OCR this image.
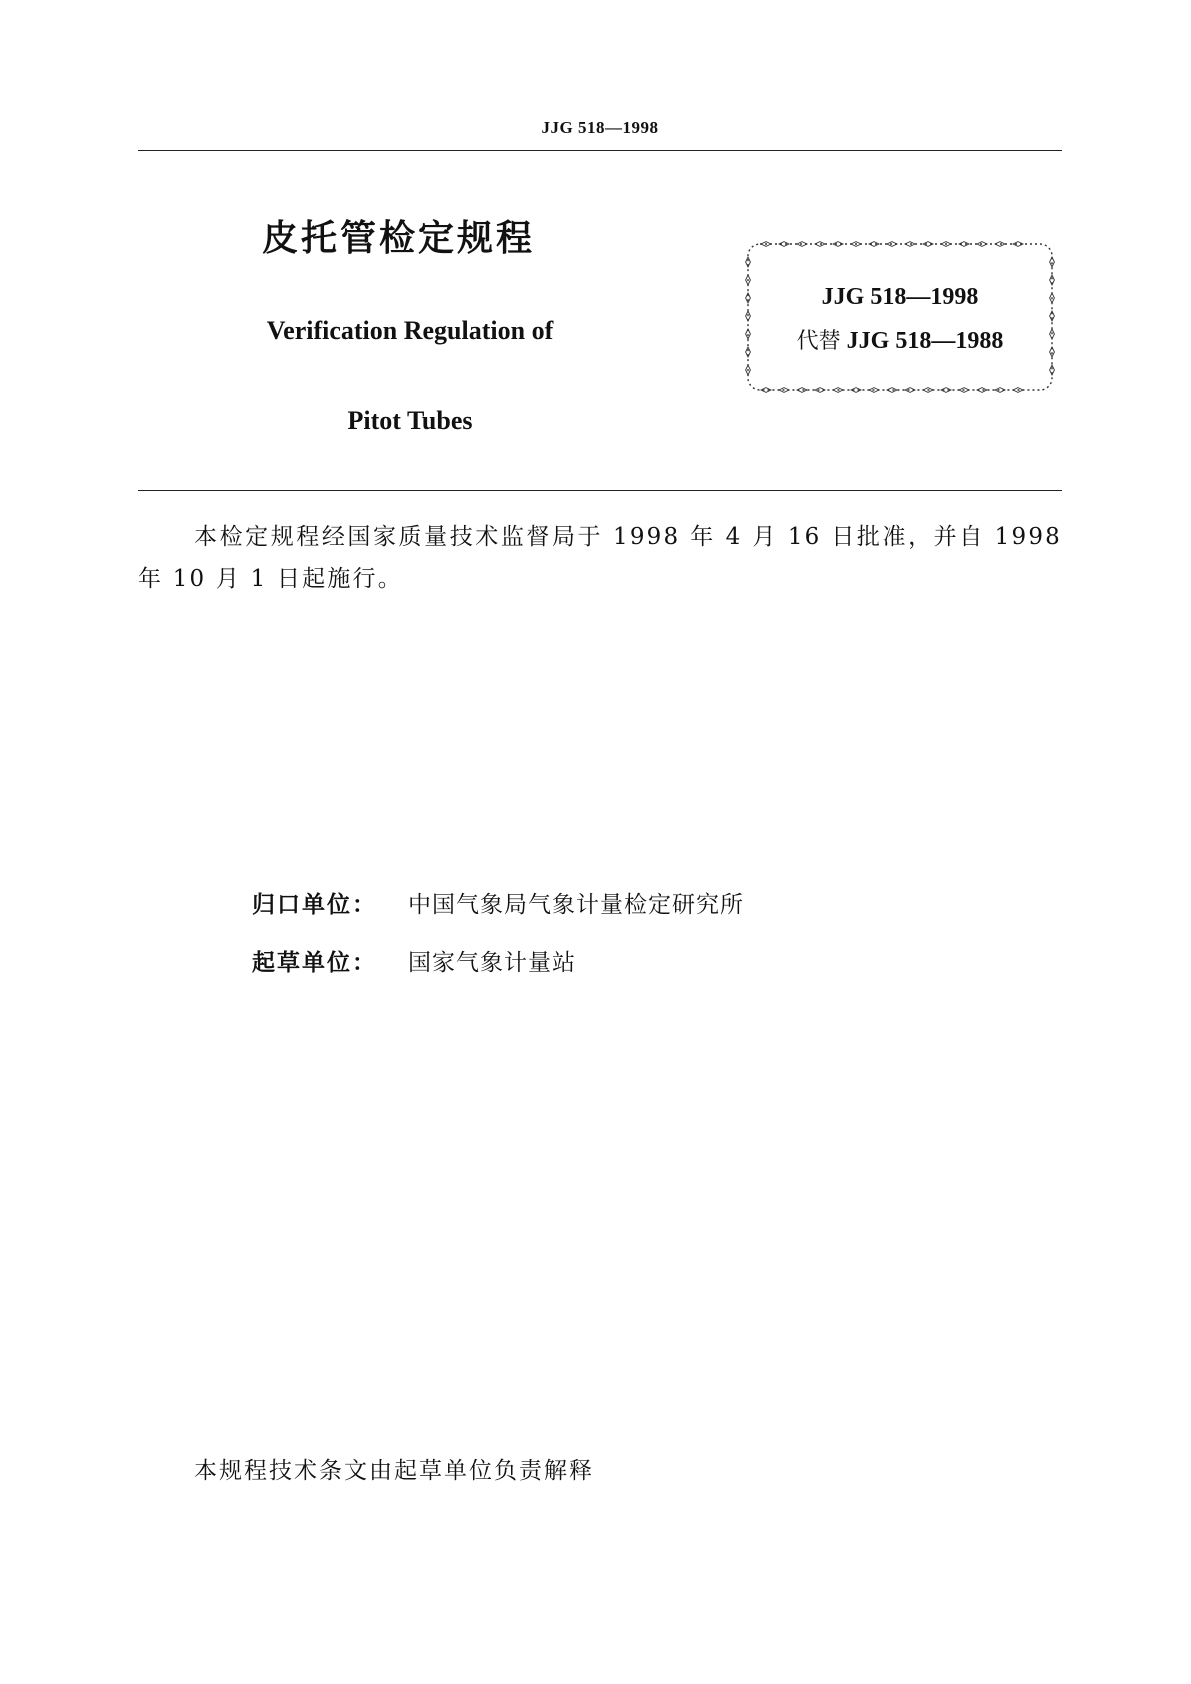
JJG 518—1998
皮托管检定规程
Verification Regulation of
Pitot Tubes
JJG 518—1998
代替 JJG 518—1988
本检定规程经国家质量技术监督局于 1998 年 4 月 16 日批准，并自 1998 年 10 月 1 日起施行。
归口单位：	中国气象局气象计量检定研究所
起草单位：	国家气象计量站
本规程技术条文由起草单位负责解释
